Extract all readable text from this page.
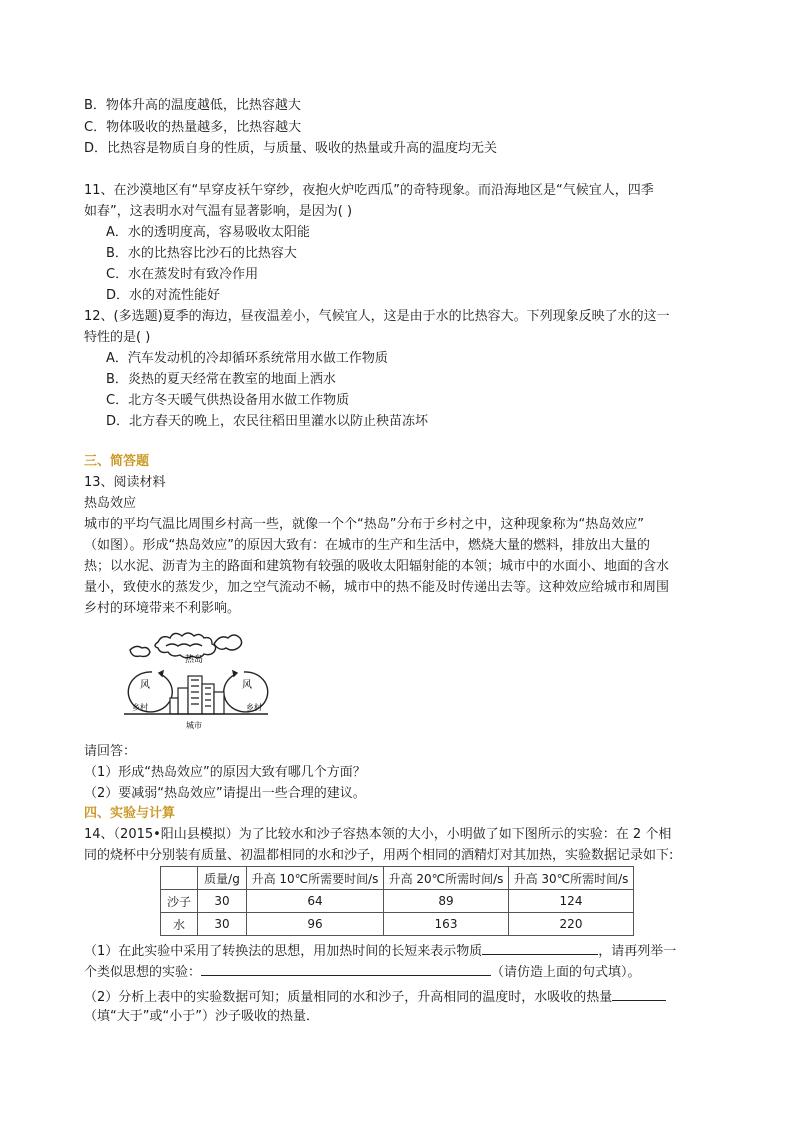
B．物体升高的温度越低，比热容越大
C．物体吸收的热量越多，比热容越大
D．比热容是物质自身的性质，与质量、吸收的热量或升高的温度均无关
11、在沙漠地区有“早穿皮袄午穿纱，夜抱火炉吃西瓜”的奇特现象。而沿海地区是“气候宜人，四季
如春”，这表明水对气温有显著影响，是因为( )
A．水的透明度高，容易吸收太阳能
B．水的比热容比沙石的比热容大
C．水在蒸发时有致冷作用
D．水的对流性能好
12、(多选题)夏季的海边，昼夜温差小，气候宜人，这是由于水的比热容大。下列现象反映了水的这一
特性的是( )
A．汽车发动机的冷却循环系统常用水做工作物质
B．炎热的夏天经常在教室的地面上洒水
C．北方冬天暖气供热设备用水做工作物质
D．北方春天的晚上，农民往稻田里灌水以防止秧苗冻坏
三、简答题
13、阅读材料
热岛效应
城市的平均气温比周围乡村高一些，就像一个个“热岛”分布于乡村之中，这种现象称为“热岛效应”
（如图）。形成“热岛效应”的原因大致有：在城市的生产和生活中，燃烧大量的燃料，排放出大量的
热；以水泥、沥青为主的路面和建筑物有较强的吸收太阳辐射能的本领；城市中的水面小、地面的含水
量小，致使水的蒸发少，加之空气流动不畅，城市中的热不能及时传递出去等。这种效应给城市和周围
乡村的环境带来不利影响。
热岛
风	风
乡村	乡村
城市
请回答：
（1）形成“热岛效应”的原因大致有哪几个方面？
（2）要减弱“热岛效应”请提出一些合理的建议。
四、实验与计算
14、（2015•阳山县模拟）为了比较水和沙子容热本领的大小，小明做了如下图所示的实验：在 2 个相
同的烧杯中分别装有质量、初温都相同的水和沙子，用两个相同的酒精灯对其加热，实验数据记录如下:
	质量/g	升高 10℃所需要时间/s	升高 20℃所需时间/s	升高 30℃所需时间/s
沙子	30	64	89	124
水	30	96	163	220
（1）在此实验中采用了转换法的思想，用加热时间的长短来表示物质	，请再列举一
个类似思想的实验：	（请仿造上面的句式填）。
（2）分析上表中的实验数据可知；质量相同的水和沙子，升高相同的温度时，水吸收的热量
（填“大于”或“小于”）沙子吸收的热量．
